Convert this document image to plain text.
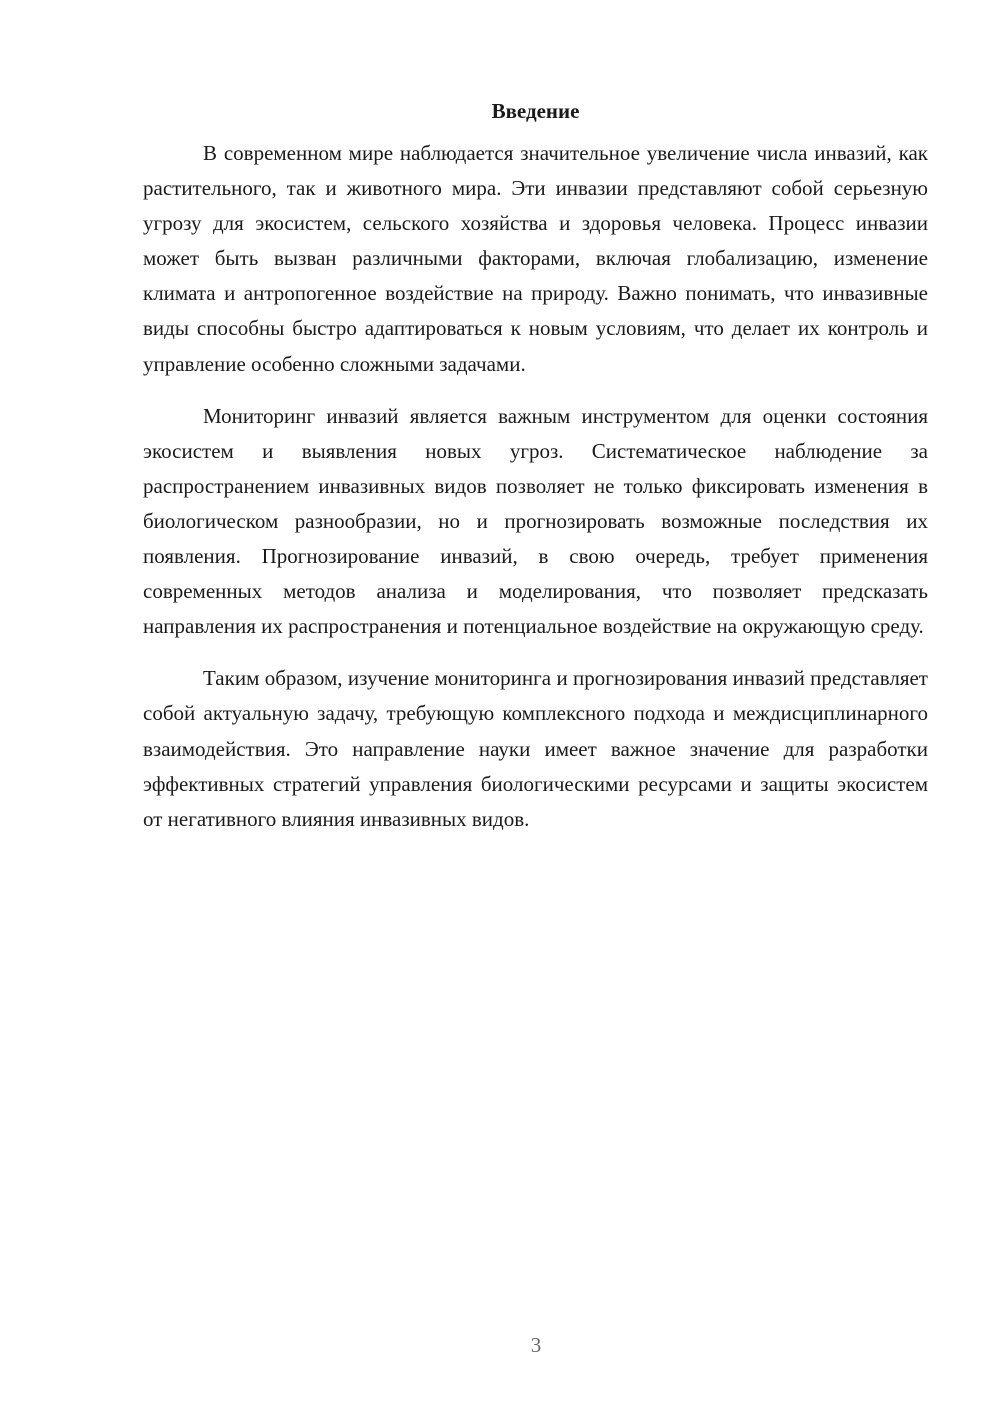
Введение

В современном мире наблюдается значительное увеличение числа инвазий, как растительного, так и животного мира. Эти инвазии представляют собой серьезную угрозу для экосистем, сельского хозяйства и здоровья человека. Процесс инвазии может быть вызван различными факторами, включая глобализацию, изменение климата и антропогенное воздействие на природу. Важно понимать, что инвазивные виды способны быстро адаптироваться к новым условиям, что делает их контроль и управление особенно сложными задачами.

Мониторинг инвазий является важным инструментом для оценки состояния экосистем и выявления новых угроз. Систематическое наблюдение за распространением инвазивных видов позволяет не только фиксировать изменения в биологическом разнообразии, но и прогнозировать возможные последствия их появления. Прогнозирование инвазий, в свою очередь, требует применения современных методов анализа и моделирования, что позволяет предсказать направления их распространения и потенциальное воздействие на окружающую среду.

Таким образом, изучение мониторинга и прогнозирования инвазий представляет собой актуальную задачу, требующую комплексного подхода и междисциплинарного взаимодействия. Это направление науки имеет важное значение для разработки эффективных стратегий управления биологическими ресурсами и защиты экосистем от негативного влияния инвазивных видов.

3
